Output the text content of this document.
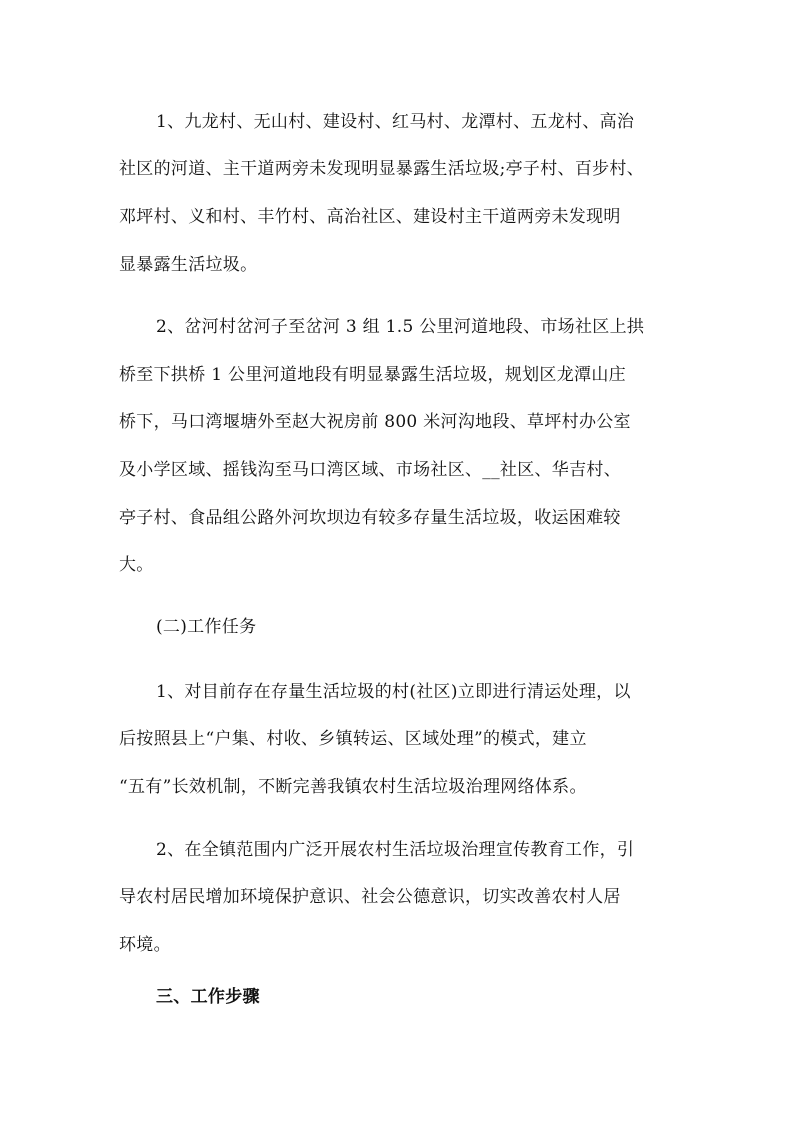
1、九龙村、无山村、建设村、红马村、龙潭村、五龙村、高治
社区的河道、主干道两旁未发现明显暴露生活垃圾;亭子村、百步村、
邓坪村、义和村、丰竹村、高治社区、建设村主干道两旁未发现明
显暴露生活垃圾。
2、岔河村岔河子至岔河 3 组 1.5 公里河道地段、市场社区上拱
桥至下拱桥 1 公里河道地段有明显暴露生活垃圾，规划区龙潭山庄
桥下，马口湾堰塘外至赵大祝房前 800 米河沟地段、草坪村办公室
及小学区域、摇钱沟至马口湾区域、市场社区、__社区、华吉村、
亭子村、食品组公路外河坎坝边有较多存量生活垃圾，收运困难较
大。
(二)工作任务
1、对目前存在存量生活垃圾的村(社区)立即进行清运处理，以
后按照县上“户集、村收、乡镇转运、区域处理”的模式，建立
“五有”长效机制，不断完善我镇农村生活垃圾治理网络体系。
2、在全镇范围内广泛开展农村生活垃圾治理宣传教育工作，引
导农村居民增加环境保护意识、社会公德意识，切实改善农村人居
环境。
三、工作步骤
